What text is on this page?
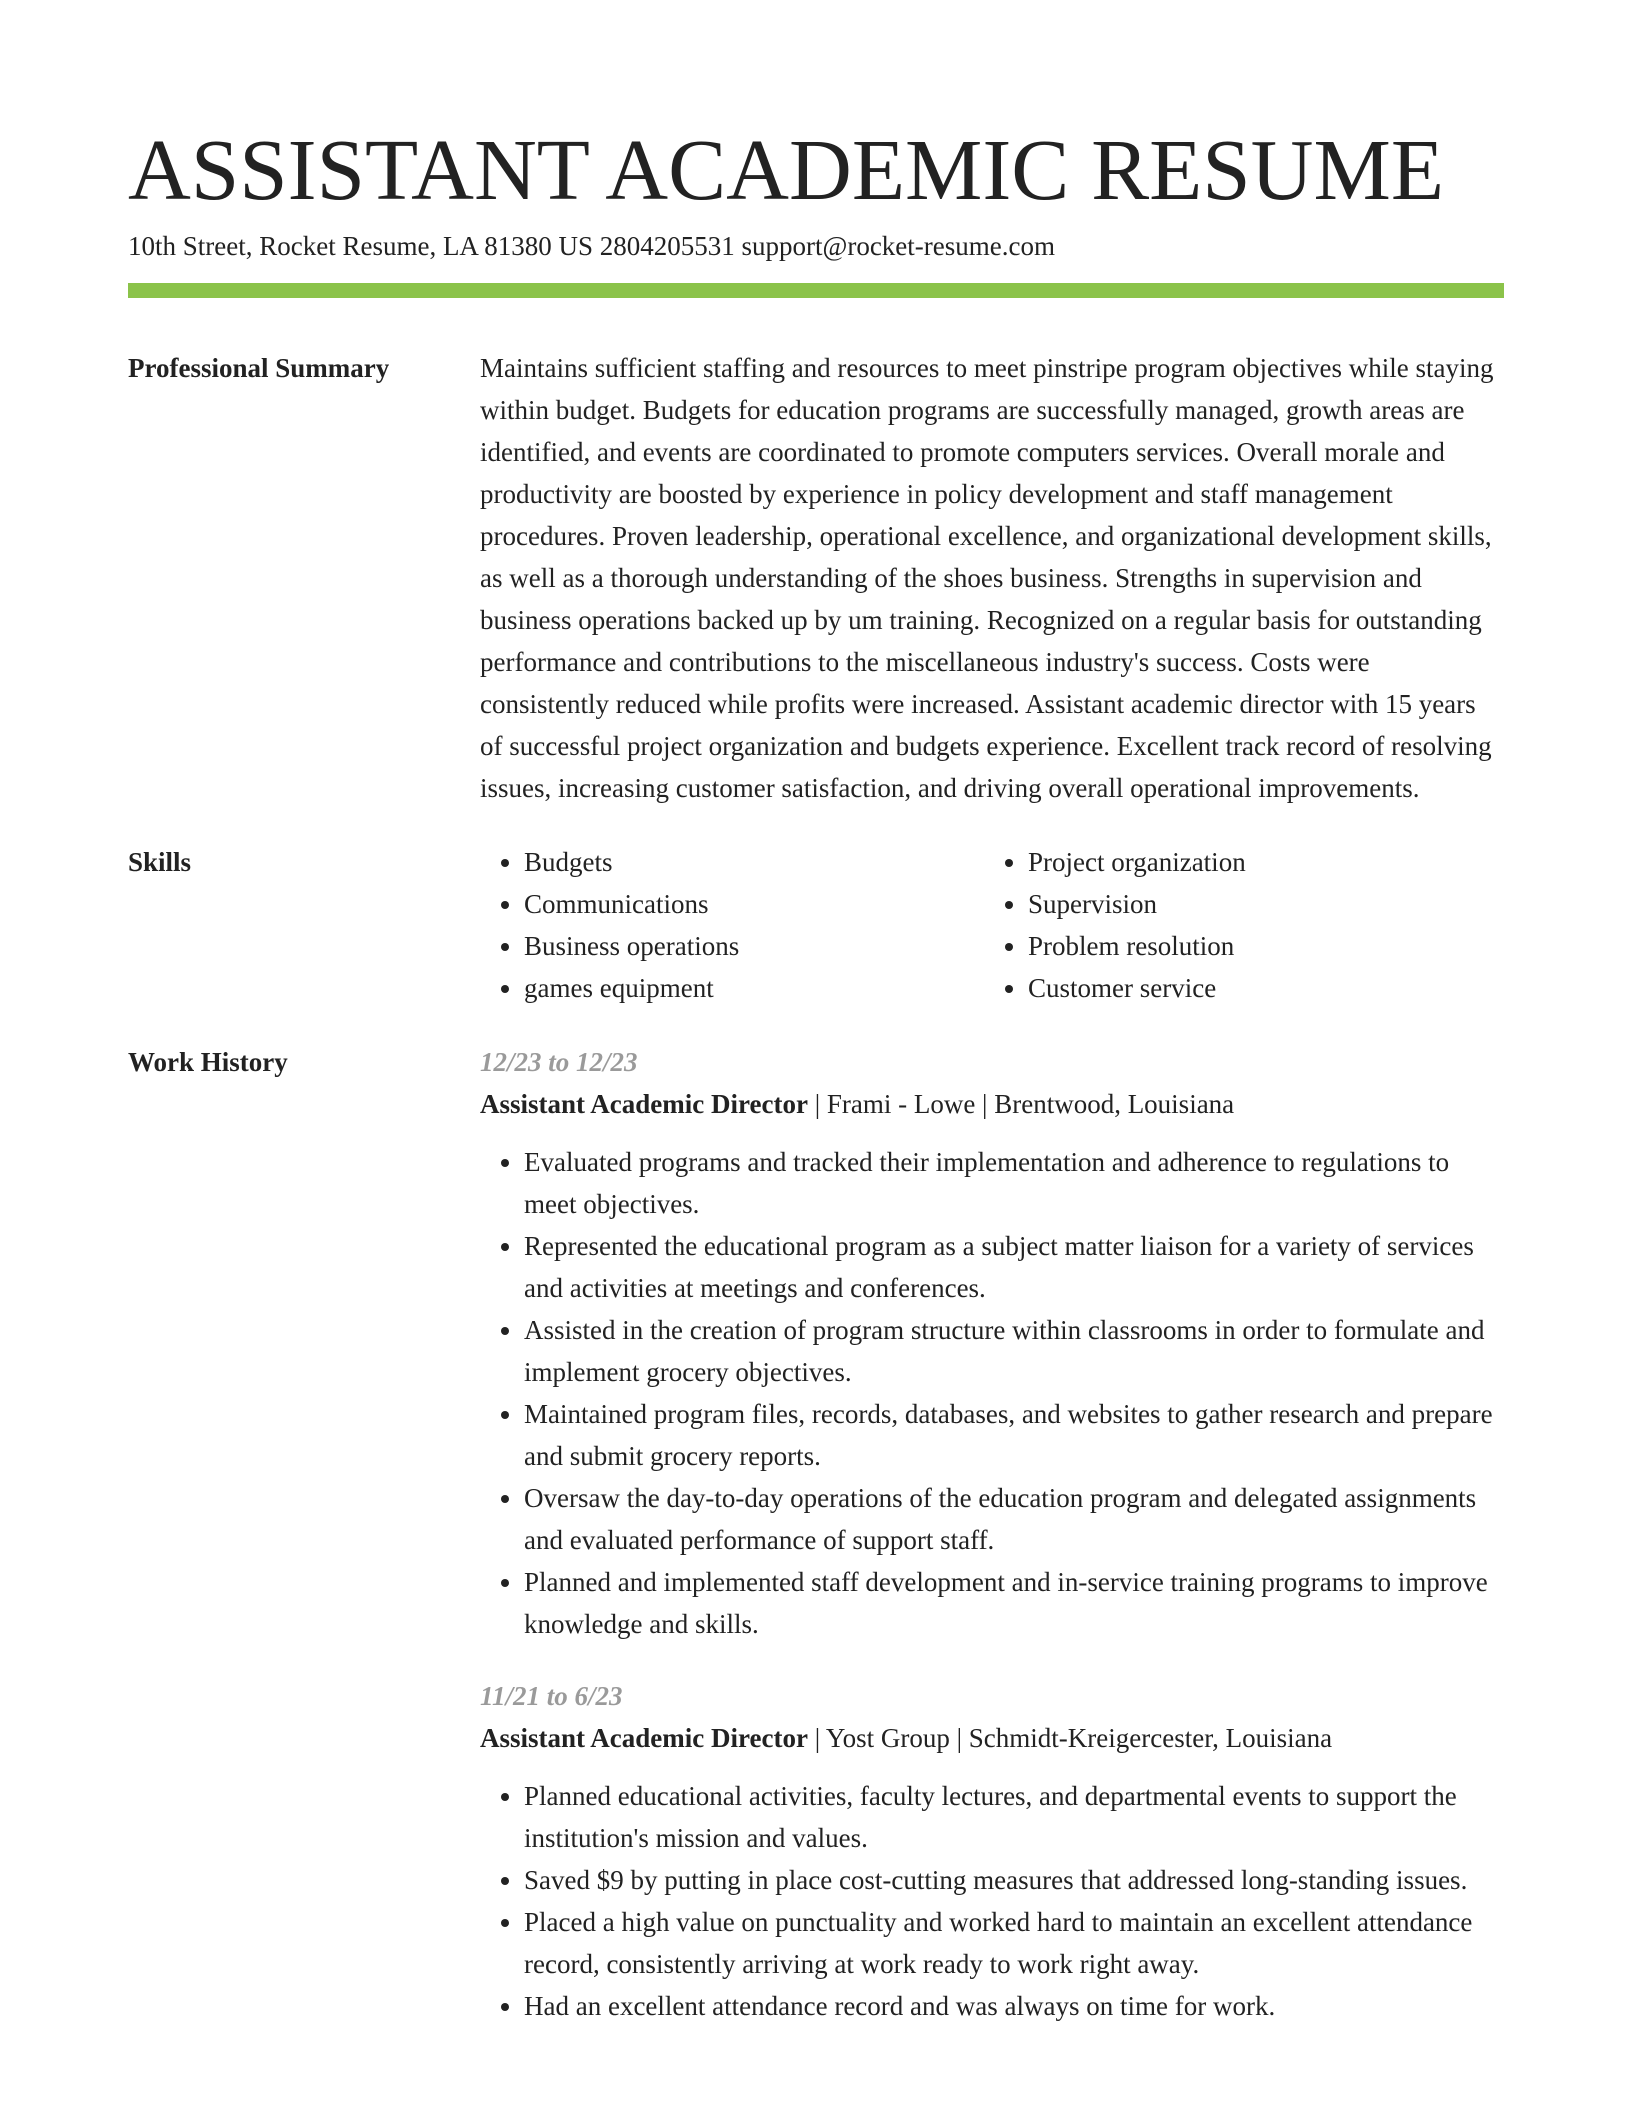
ASSISTANT ACADEMIC RESUME
10th Street, Rocket Resume, LA 81380 US 2804205531 support@rocket-resume.com
Professional Summary	Maintains sufficient staffing and resources to meet pinstripe program objectives while staying within budget. Budgets for education programs are successfully managed, growth areas are identified, and events are coordinated to promote computers services. Overall morale and productivity are boosted by experience in policy development and staff management procedures. Proven leadership, operational excellence, and organizational development skills, as well as a thorough understanding of the shoes business. Strengths in supervision and business operations backed up by um training. Recognized on a regular basis for outstanding performance and contributions to the miscellaneous industry's success. Costs were consistently reduced while profits were increased. Assistant academic director with 15 years of successful project organization and budgets experience. Excellent track record of resolving issues, increasing customer satisfaction, and driving overall operational improvements.
Skills
•	Budgets
• Communications
• Business operations
• games equipment
• Project organization
• Supervision
• Problem resolution
• Customer service
Work History	12/23 to 12/23
Assistant Academic Director | Frami - Lowe | Brentwood, Louisiana
• Evaluated programs and tracked their implementation and adherence to regulations to meet objectives.
• Represented the educational program as a subject matter liaison for a variety of services and activities at meetings and conferences.
• Assisted in the creation of program structure within classrooms in order to formulate and implement grocery objectives.
• Maintained program files, records, databases, and websites to gather research and prepare and submit grocery reports.
• Oversaw the day-to-day operations of the education program and delegated assignments and evaluated performance of support staff.
• Planned and implemented staff development and in-service training programs to improve knowledge and skills.
11/21 to 6/23
Assistant Academic Director | Yost Group | Schmidt-Kreigercester, Louisiana
• Planned educational activities, faculty lectures, and departmental events to support the institution's mission and values.
• Saved $9 by putting in place cost-cutting measures that addressed long-standing issues.
• Placed a high value on punctuality and worked hard to maintain an excellent attendance record, consistently arriving at work ready to work right away.
• Had an excellent attendance record and was always on time for work.
